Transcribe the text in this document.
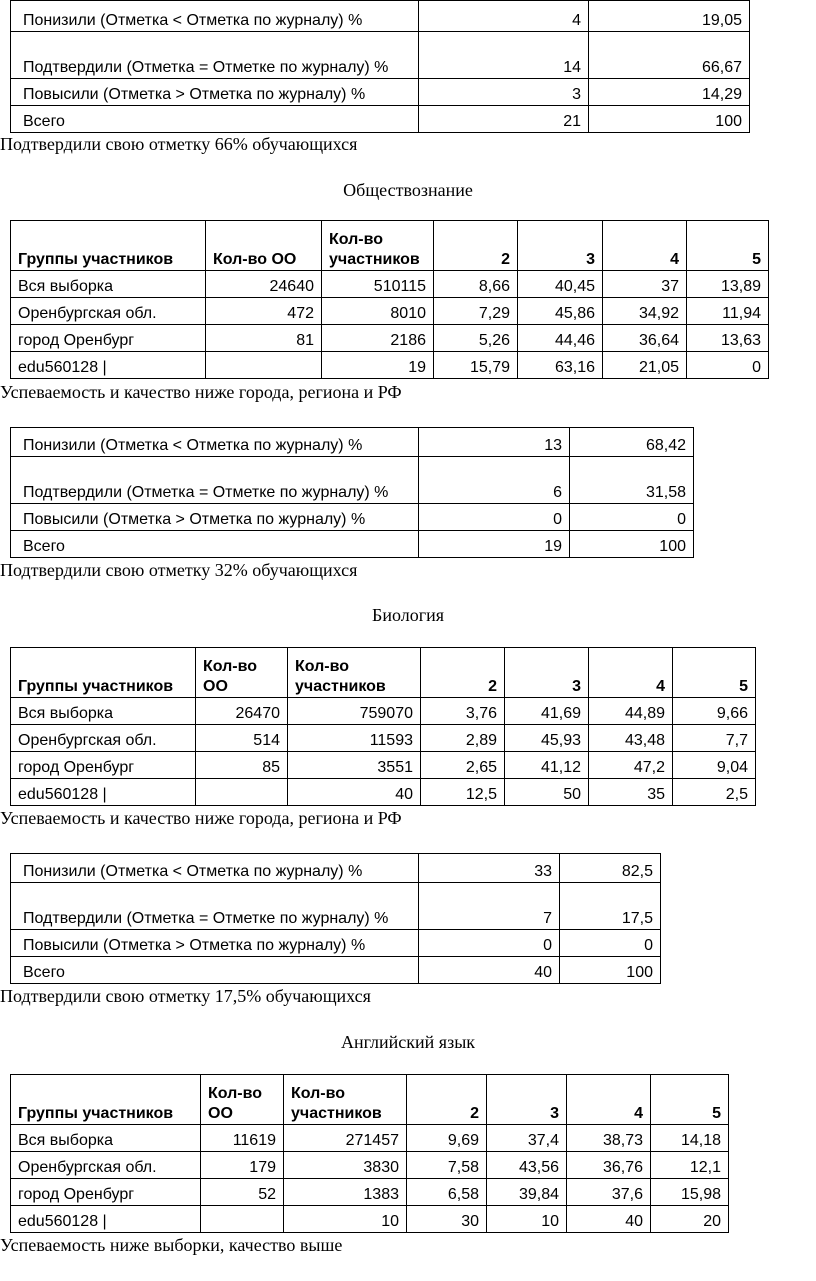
Понизили (Отметка < Отметка по журналу) %	4	19,05
Подтвердили (Отметка = Отметке по журналу) %	14	66,67
Повысили (Отметка > Отметка по журналу) %	3	14,29
Всего	21	100
Подтвердили свою отметку 66% обучающихся
Обществознание
Группы участников	Кол-во ОО	Кол-во участников	2	3	4	5
Вся выборка	24640	510115	8,66	40,45	37	13,89
Оренбургская обл.	472	8010	7,29	45,86	34,92	11,94
город Оренбург	81	2186	5,26	44,46	36,64	13,63
edu560128 |		19	15,79	63,16	21,05	0
Успеваемость и качество ниже города, региона и РФ
Понизили (Отметка < Отметка по журналу) %	13	68,42
Подтвердили (Отметка = Отметке по журналу) %	6	31,58
Повысили (Отметка > Отметка по журналу) %	0	0
Всего	19	100
Подтвердили свою отметку 32% обучающихся
Биология
Группы участников	Кол-во ОО	Кол-во участников	2	3	4	5
Вся выборка	26470	759070	3,76	41,69	44,89	9,66
Оренбургская обл.	514	11593	2,89	45,93	43,48	7,7
город Оренбург	85	3551	2,65	41,12	47,2	9,04
edu560128 |		40	12,5	50	35	2,5
Успеваемость и качество ниже города, региона и РФ
Понизили (Отметка < Отметка по журналу) %	33	82,5
Подтвердили (Отметка = Отметке по журналу) %	7	17,5
Повысили (Отметка > Отметка по журналу) %	0	0
Всего	40	100
Подтвердили свою отметку 17,5% обучающихся
Английский язык
Группы участников	Кол-во ОО	Кол-во участников	2	3	4	5
Вся выборка	11619	271457	9,69	37,4	38,73	14,18
Оренбургская обл.	179	3830	7,58	43,56	36,76	12,1
город Оренбург	52	1383	6,58	39,84	37,6	15,98
edu560128 |		10	30	10	40	20
Успеваемость ниже выборки, качество выше
